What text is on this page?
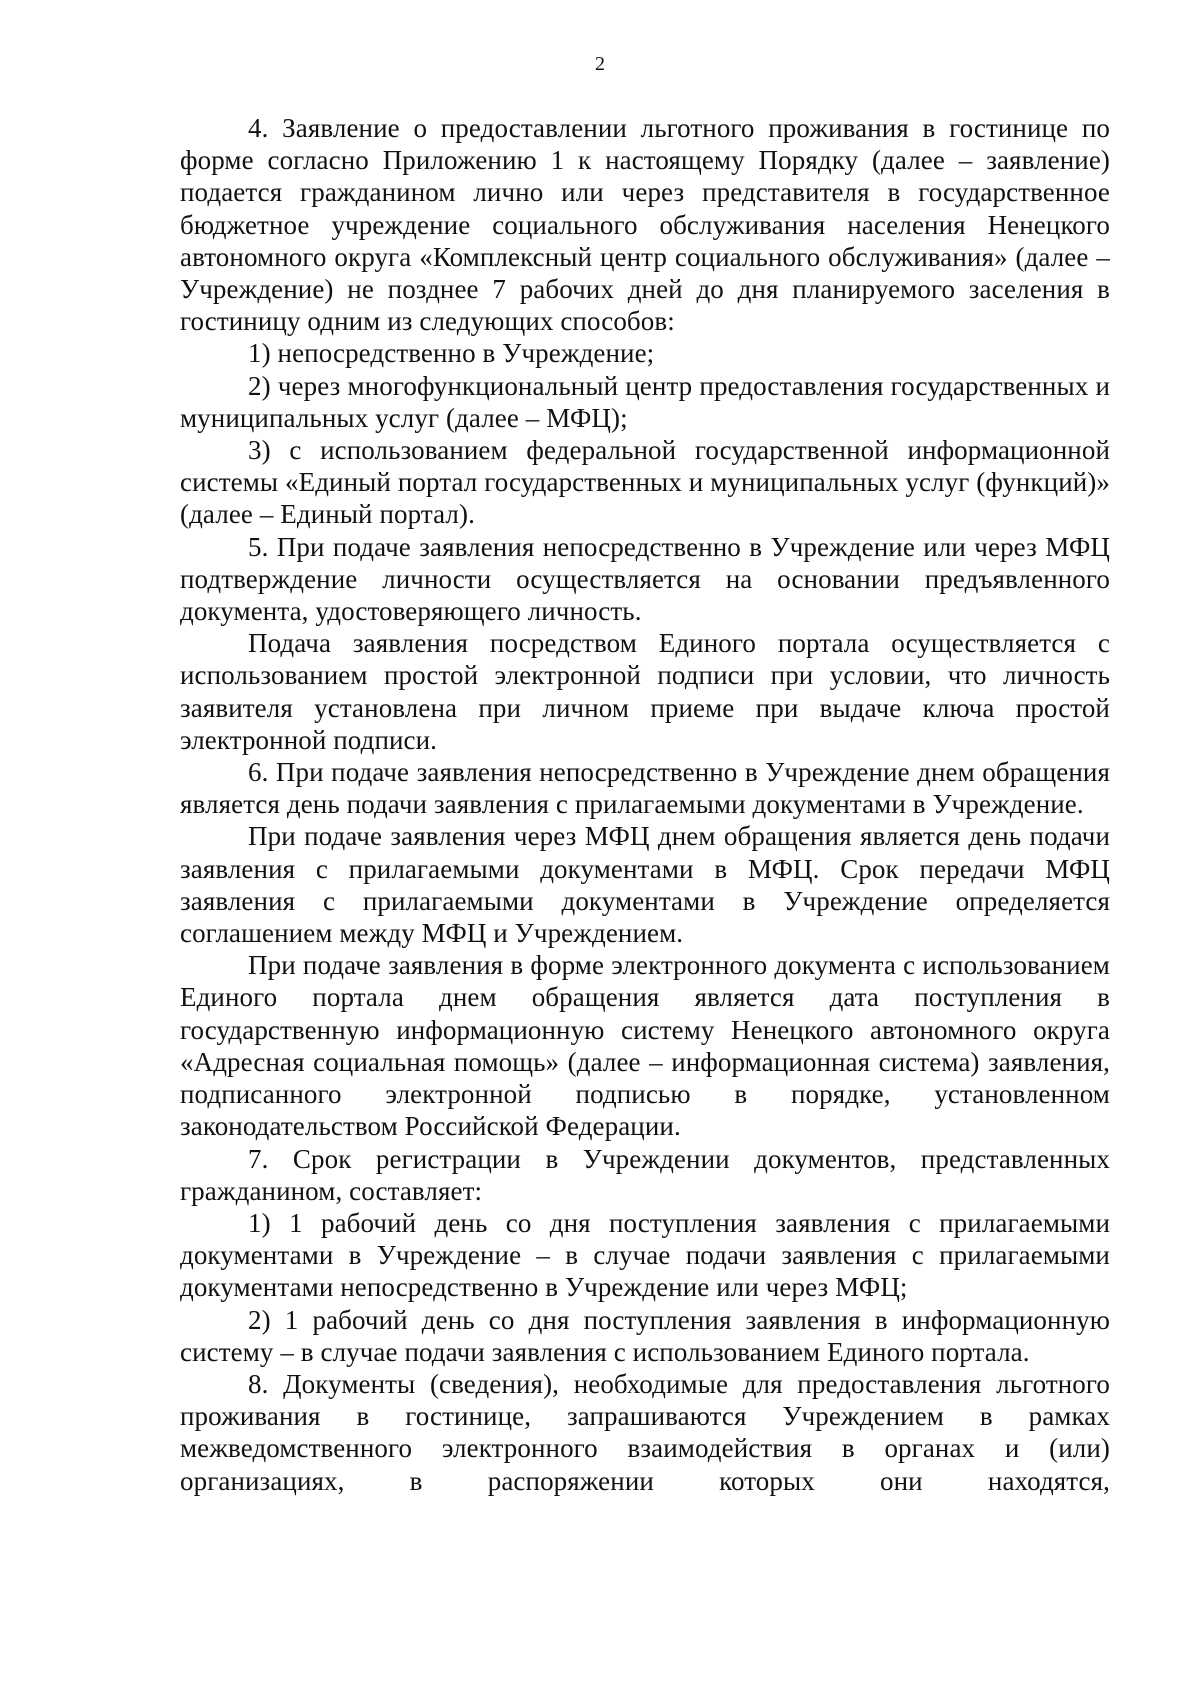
2

4. Заявление о предоставлении льготного проживания в гостинице по форме согласно Приложению 1 к настоящему Порядку (далее – заявление) подается гражданином лично или через представителя в государственное бюджетное учреждение социального обслуживания населения Ненецкого автономного округа «Комплексный центр социального обслуживания» (далее – Учреждение) не позднее 7 рабочих дней до дня планируемого заселения в гостиницу одним из следующих способов:

1) непосредственно в Учреждение;

2) через многофункциональный центр предоставления государственных и муниципальных услуг (далее – МФЦ);

3) с использованием федеральной государственной информационной системы «Единый портал государственных и муниципальных услуг (функций)» (далее – Единый портал).

5. При подаче заявления непосредственно в Учреждение или через МФЦ подтверждение личности осуществляется на основании предъявленного документа, удостоверяющего личность.

Подача заявления посредством Единого портала осуществляется с использованием простой электронной подписи при условии, что личность заявителя установлена при личном приеме при выдаче ключа простой электронной подписи.

6. При подаче заявления непосредственно в Учреждение днем обращения является день подачи заявления с прилагаемыми документами в Учреждение.

При подаче заявления через МФЦ днем обращения является день подачи заявления с прилагаемыми документами в МФЦ. Срок передачи МФЦ заявления с прилагаемыми документами в Учреждение определяется соглашением между МФЦ и Учреждением.

При подаче заявления в форме электронного документа с использованием Единого портала днем обращения является дата поступления в государственную информационную систему Ненецкого автономного округа «Адресная социальная помощь» (далее – информационная система) заявления, подписанного электронной подписью в порядке, установленном законодательством Российской Федерации.

7. Срок регистрации в Учреждении документов, представленных гражданином, составляет:

1) 1 рабочий день со дня поступления заявления с прилагаемыми документами в Учреждение – в случае подачи заявления с прилагаемыми документами непосредственно в Учреждение или через МФЦ;

2) 1 рабочий день со дня поступления заявления в информационную систему – в случае подачи заявления с использованием Единого портала.

8. Документы (сведения), необходимые для предоставления льготного проживания в гостинице, запрашиваются Учреждением в рамках межведомственного электронного взаимодействия в органах и (или) организациях, в распоряжении которых они находятся,
